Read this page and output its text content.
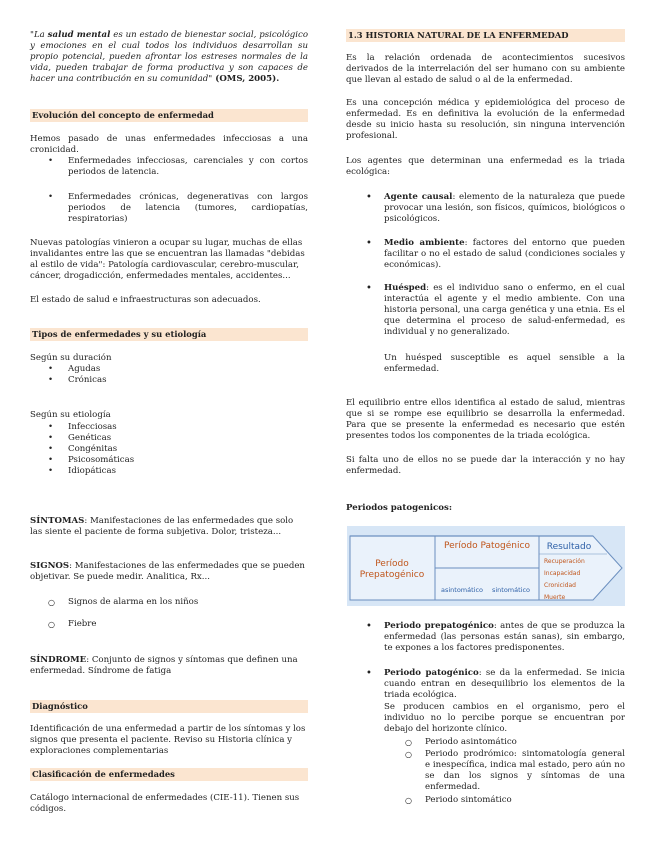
"La salud mental es un estado de bienestar social, psicológico y emociones en el cual todos los individuos desarrollan su propio potencial, pueden afrontar los estreses normales de la vida, pueden trabajar de forma productiva y son capaces de hacer una contribución en su comunidad" (OMS, 2005).

Evolución del concepto de enfermedad

Hemos pasado de unas enfermedades infecciosas a una cronicidad.

• Enfermedades infecciosas, carenciales y con cortos periodos de latencia.

• Enfermedades crónicas, degenerativas con largos periodos de latencia (tumores, cardiopatías, respiratorias)

Nuevas patologías vinieron a ocupar su lugar, muchas de ellas invalidantes entre las que se encuentran las llamadas "debidas al estilo de vida": Patología cardiovascular, cerebro-muscular, cáncer, drogadicción, enfermedades mentales, accidentes...

El estado de salud e infraestructuras son adecuados.

Tipos de enfermedades y su etiología

Según su duración

• Agudas
• Crónicas

Según su etiología

• Infecciosas
• Genéticas
• Congénitas
• Psicosomáticas
• Idiopáticas

SÍNTOMAS: Manifestaciones de las enfermedades que solo las siente el paciente de forma subjetiva. Dolor, tristeza...

SIGNOS: Manifestaciones de las enfermedades que se pueden objetivar. Se puede medir. Analitica, Rx...

○ Signos de alarma en los niños

○ Fiebre

SÍNDROME: Conjunto de signos y síntomas que definen una enfermedad. Síndrome de fatiga

Diagnóstico

Identificación de una enfermedad a partir de los síntomas y los signos que presenta el paciente. Reviso su Historia clínica y exploraciones complementarias

Clasificación de enfermedades

Catálogo internacional de enfermedades (CIE-11). Tienen sus códigos.

1.3 HISTORIA NATURAL DE LA ENFERMEDAD

Es la relación ordenada de acontecimientos sucesivos derivados de la interrelación del ser humano con su ambiente que llevan al estado de salud o al de la enfermedad.

Es una concepción médica y epidemiológica del proceso de enfermedad. Es en definitiva la evolución de la enfermedad desde su inicio hasta su resolución, sin ninguna intervención profesional.

Los agentes que determinan una enfermedad es la triada ecológica:

• Agente causal: elemento de la naturaleza que puede provocar una lesión, son físicos, químicos, biológicos o psicológicos.

• Medio ambiente: factores del entorno que pueden facilitar o no el estado de salud (condiciones sociales y económicas).

• Huésped: es el individuo sano o enfermo, en el cual interactúa el agente y el medio ambiente. Con una historia personal, una carga genética y una etnia. Es el que determina el proceso de salud-enfermedad, es individual y no generalizado.

Un huésped susceptible es aquel sensible a la enfermedad.

El equilibrio entre ellos identifica al estado de salud, mientras que si se rompe ese equilibrio se desarrolla la enfermedad. Para que se presente la enfermedad es necesario que estén presentes todos los componentes de la triada ecológica.

Si falta uno de ellos no se puede dar la interacción y no hay enfermedad.

Periodos patogenicos:

Período Prepatogénico
Período Patogénico
asintomático sintomático
Resultado
Recuperación
Incapacidad
Cronicidad
Muerte

• Periodo prepatogénico: antes de que se produzca la enfermedad (las personas están sanas), sin embargo, te expones a los factores predisponentes.

• Periodo patogénico: se da la enfermedad. Se inicia cuando entran en desequilibrio los elementos de la triada ecológica.

Se producen cambios en el organismo, pero el individuo no lo percibe porque se encuentran por debajo del horizonte clínico.

○ Periodo asintomático

○ Periodo prodrómico: sintomatología general e inespecífica, indica mal estado, pero aún no se dan los signos y síntomas de una enfermedad.

○ Periodo sintomático
